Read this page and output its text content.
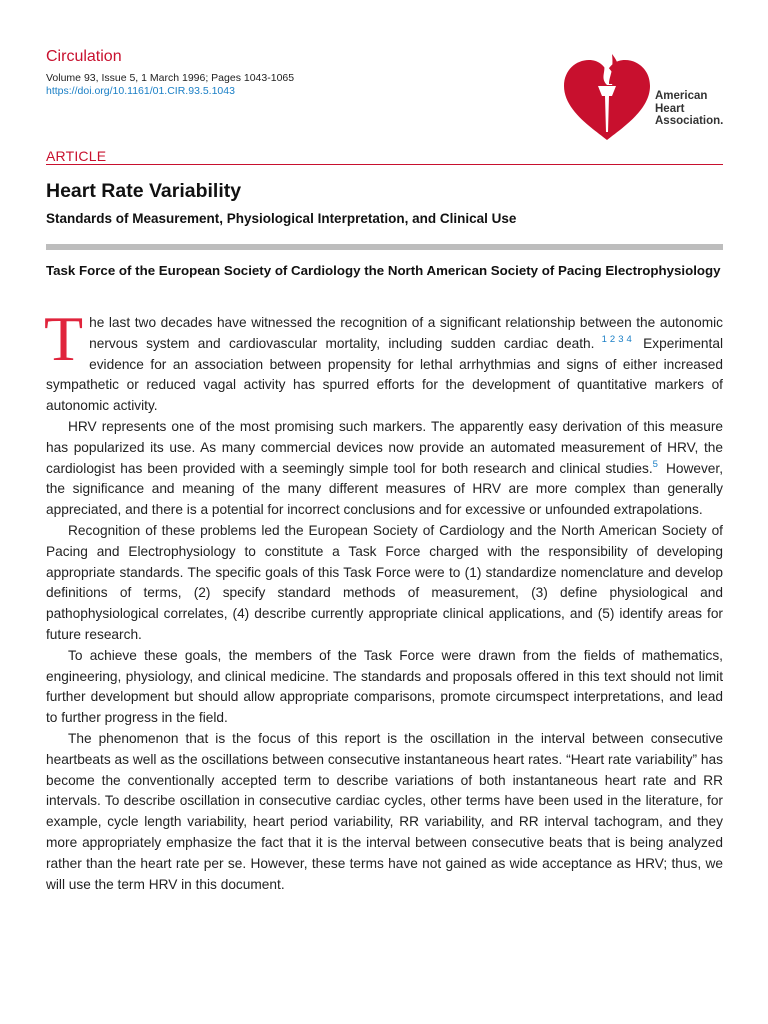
Circulation
Volume 93, Issue 5, 1 March 1996; Pages 1043-1065
https://doi.org/10.1161/01.CIR.93.5.1043	American
Heart
Association.
ARTICLE
Heart Rate Variability
Standards of Measurement, Physiological Interpretation, and Clinical Use
Task Force of the European Society of Cardiology the North American Society of Pacing Electrophysiology

The last two decades have witnessed the recognition of a significant relationship between the autonomic nervous system and cardiovascular mortality, including sudden cardiac death. $^{1 2 3 4}$ Experimental evidence for an association between propensity for lethal arrhythmias and signs of either increased sympathetic or reduced vagal activity has spurred efforts for the development of quantitative markers of autonomic activity.

HRV represents one of the most promising such markers. The apparently easy derivation of this measure has popularized its use. As many commercial devices now provide an automated measurement of HRV, the cardiologist has been provided with a seemingly simple tool for both research and clinical studies.$^5$ However, the significance and meaning of the many different measures of HRV are more complex than generally appreciated, and there is a potential for incorrect conclusions and for excessive or unfounded extrapolations.

Recognition of these problems led the European Society of Cardiology and the North American Society of Pacing and Electrophysiology to constitute a Task Force charged with the responsibility of developing appropriate standards. The specific goals of this Task Force were to (1) standardize nomenclature and develop definitions of terms, (2) specify standard methods of measurement, (3) define physiological and pathophysiological correlates, (4) describe currently appropriate clinical applications, and (5) identify areas for future research.

To achieve these goals, the members of the Task Force were drawn from the fields of mathematics, engineering, physiology, and clinical medicine. The standards and proposals offered in this text should not limit further development but should allow appropriate comparisons, promote circumspect interpretations, and lead to further progress in the field.

The phenomenon that is the focus of this report is the oscillation in the interval between consecutive heartbeats as well as the oscillations between consecutive instantaneous heart rates. “Heart rate variability” has become the conventionally accepted term to describe variations of both instantaneous heart rate and RR intervals. To describe oscillation in consecutive cardiac cycles, other terms have been used in the literature, for example, cycle length variability, heart period variability, RR variability, and RR interval tachogram, and they more appropriately emphasize the fact that it is the interval between consecutive beats that is being analyzed rather than the heart rate per se. However, these terms have not gained as wide acceptance as HRV; thus, we will use the term HRV in this document.
